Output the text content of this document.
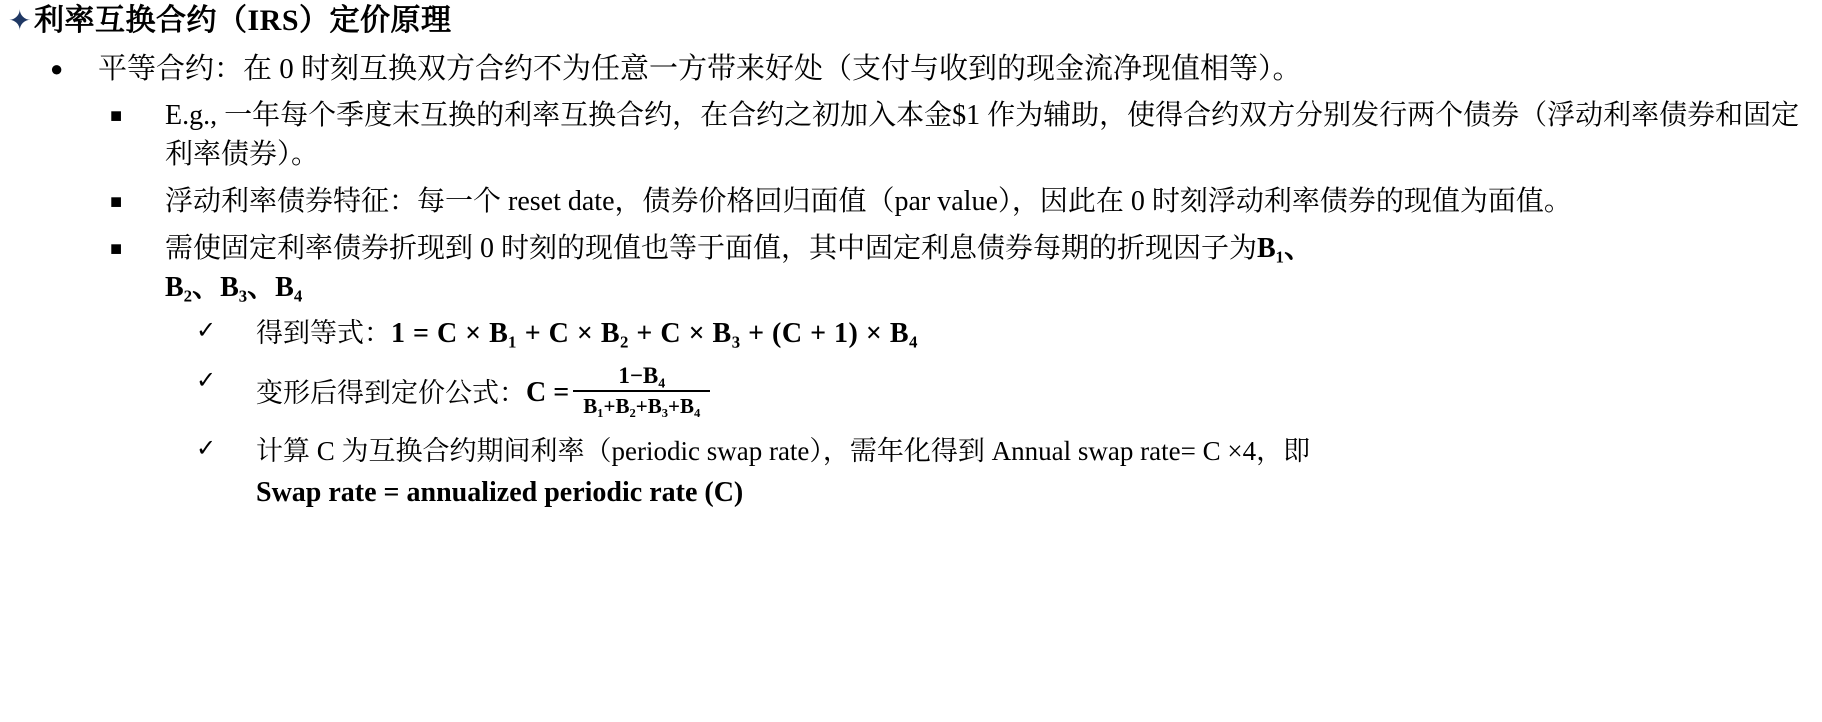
✦ 利率互换合约（IRS）定价原理
●	平等合约：在 0 时刻互换双方合约不为任意一方带来好处（支付与收到的现金流净现值相等）。
■	E.g., 一年每个季度末互换的利率互换合约，在合约之初加入本金$1 作为辅助，使得合约双方分别发行两个债券（浮动利率债券和固定利率债券）。
■	浮动利率债券特征：每一个 reset date，债券价格回归面值（par value），因此在 0 时刻浮动利率债券的现值为面值。
■	需使固定利率债券折现到 0 时刻的现值也等于面值，其中固定利息债券每期的折现因子为B₁、
B₂、B₃、B₄
✓	得到等式：1 = C × B₁ + C × B₂ + C × B₃ + (C + 1) × B₄
✓	变形后得到定价公式： $C = \frac{\text{1−B₄}}{\text{B₁+B₂+B₃+B₄}}$
✓	计算 C 为互换合约期间利率（periodic swap rate），需年化得到 Annual swap rate= C ×4，即
Swap rate = annualized periodic rate (C)
